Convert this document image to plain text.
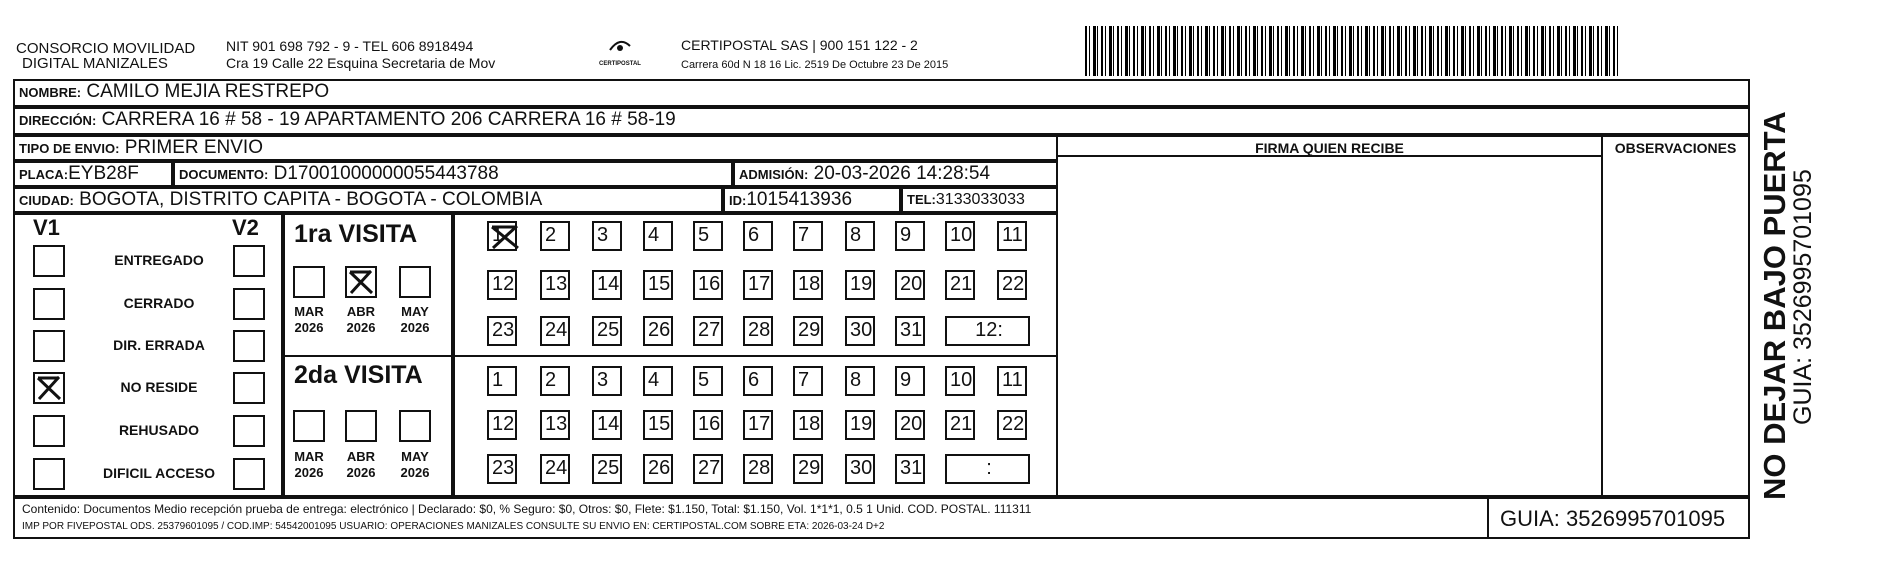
CONSORCIO MOVILIDAD
DIGITAL MANIZALES
NIT 901 698 792 - 9 - TEL 606 8918494
Cra 19 Calle 22 Esquina Secretaria de Mov	CERTIPOSTAL
CERTIPOSTAL SAS | 900 151 122 - 2
Carrera 60d N 18 16 Lic. 2519 De Octubre 23 De 2015
NOMBRE: CAMILO MEJIA RESTREPO
DIRECCIÓN: CARRERA 16 # 58 - 19 APARTAMENTO 206 CARRERA 16 # 58-19
TIPO DE ENVIO: PRIMER ENVIO
PLACA:EYB28F	DOCUMENTO: D17001000000055443788	ADMISIÓN: 20-03-2026 14:28:54
CIUDAD: BOGOTA, DISTRITO CAPITA - BOGOTA - COLOMBIA	ID:1015413936	TEL:3133033033
FIRMA QUIEN RECIBE	OBSERVACIONES
V1	V2
ENTREGADO
CERRADO
DIR. ERRADA
NO RESIDE
REHUSADO
DIFICIL ACCESO
1ra VISITA
MAR
2026
ABR
2026
MAY
2026
1	2	3	4	5	6	7	8	9	10 11
12 13 14 15 16 17 18 19 20 21 22
23 24 25 26 27 28 29 30 31	12:
2da VISITA
MAR
2026
ABR
2026
MAY
2026
1	2	3	4	5	6	7	8	9	10 11
12 13 14 15 16 17 18 19 20 21 22
23 24 25 26 27 28 29 30 31	:
Contenido: Documentos Medio recepción prueba de entrega: electrónico | Declarado: $0, % Seguro: $0, Otros: $0, Flete: $1.150, Total: $1.150, Vol. 1*1*1, 0.5 1 Unid. COD. POSTAL. 111311
IMP POR FIVEPOSTAL ODS. 25379601095 / COD.IMP: 54542001095 USUARIO: OPERACIONES MANIZALES CONSULTE SU ENVIO EN: CERTIPOSTAL.COM SOBRE ETA: 2026-03-24 D+2	GUIA: 3526995701095
NO DEJAR BAJO PUERTA
GUIA: 3526995701095
